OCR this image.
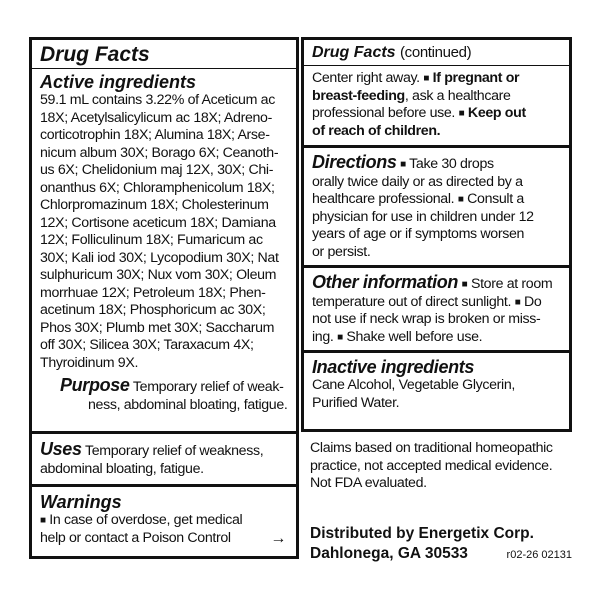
Drug Facts
Active ingredients
59.1 mL contains 3.22% of Aceticum ac
18X; Acetylsalicylicum ac 18X; Adreno-
corticotrophin 18X; Alumina 18X; Arse-
nicum album 30X; Borago 6X; Ceanoth-
us 6X; Chelidonium maj 12X, 30X; Chi-
onanthus 6X; Chloramphenicolum 18X;
Chlorpromazinum 18X; Cholesterinum
12X; Cortisone aceticum 18X; Damiana
12X; Folliculinum 18X; Fumaricum ac
30X; Kali iod 30X; Lycopodium 30X; Nat
sulphuricum 30X; Nux vom 30X; Oleum
morrhuae 12X; Petroleum 18X; Phen-
acetinum 18X; Phosphoricum ac 30X;
Phos 30X; Plumb met 30X; Saccharum
off 30X; Silicea 30X; Taraxacum 4X;
Thyroidinum 9X.
Purpose Temporary relief of weak-
ness, abdominal bloating, fatigue.
Uses Temporary relief of weakness,
abdominal bloating, fatigue.
Warnings
■ In case of overdose, get medical
help or contact a Poison Control →
Drug Facts (continued)
Center right away. ■ If pregnant or
breast-feeding, ask a healthcare
professional before use. ■ Keep out
of reach of children.
Directions ■ Take 30 drops
orally twice daily or as directed by a
healthcare professional. ■ Consult a
physician for use in children under 12
years of age or if symptoms worsen
or persist.
Other information ■ Store at room
temperature out of direct sunlight. ■ Do
not use if neck wrap is broken or miss-
ing. ■ Shake well before use.
Inactive ingredients
Cane Alcohol, Vegetable Glycerin,
Purified Water.
Claims based on traditional homeopathic
practice, not accepted medical evidence.
Not FDA evaluated.
Distributed by Energetix Corp.
Dahlonega, GA 30533	r02-26 02131
